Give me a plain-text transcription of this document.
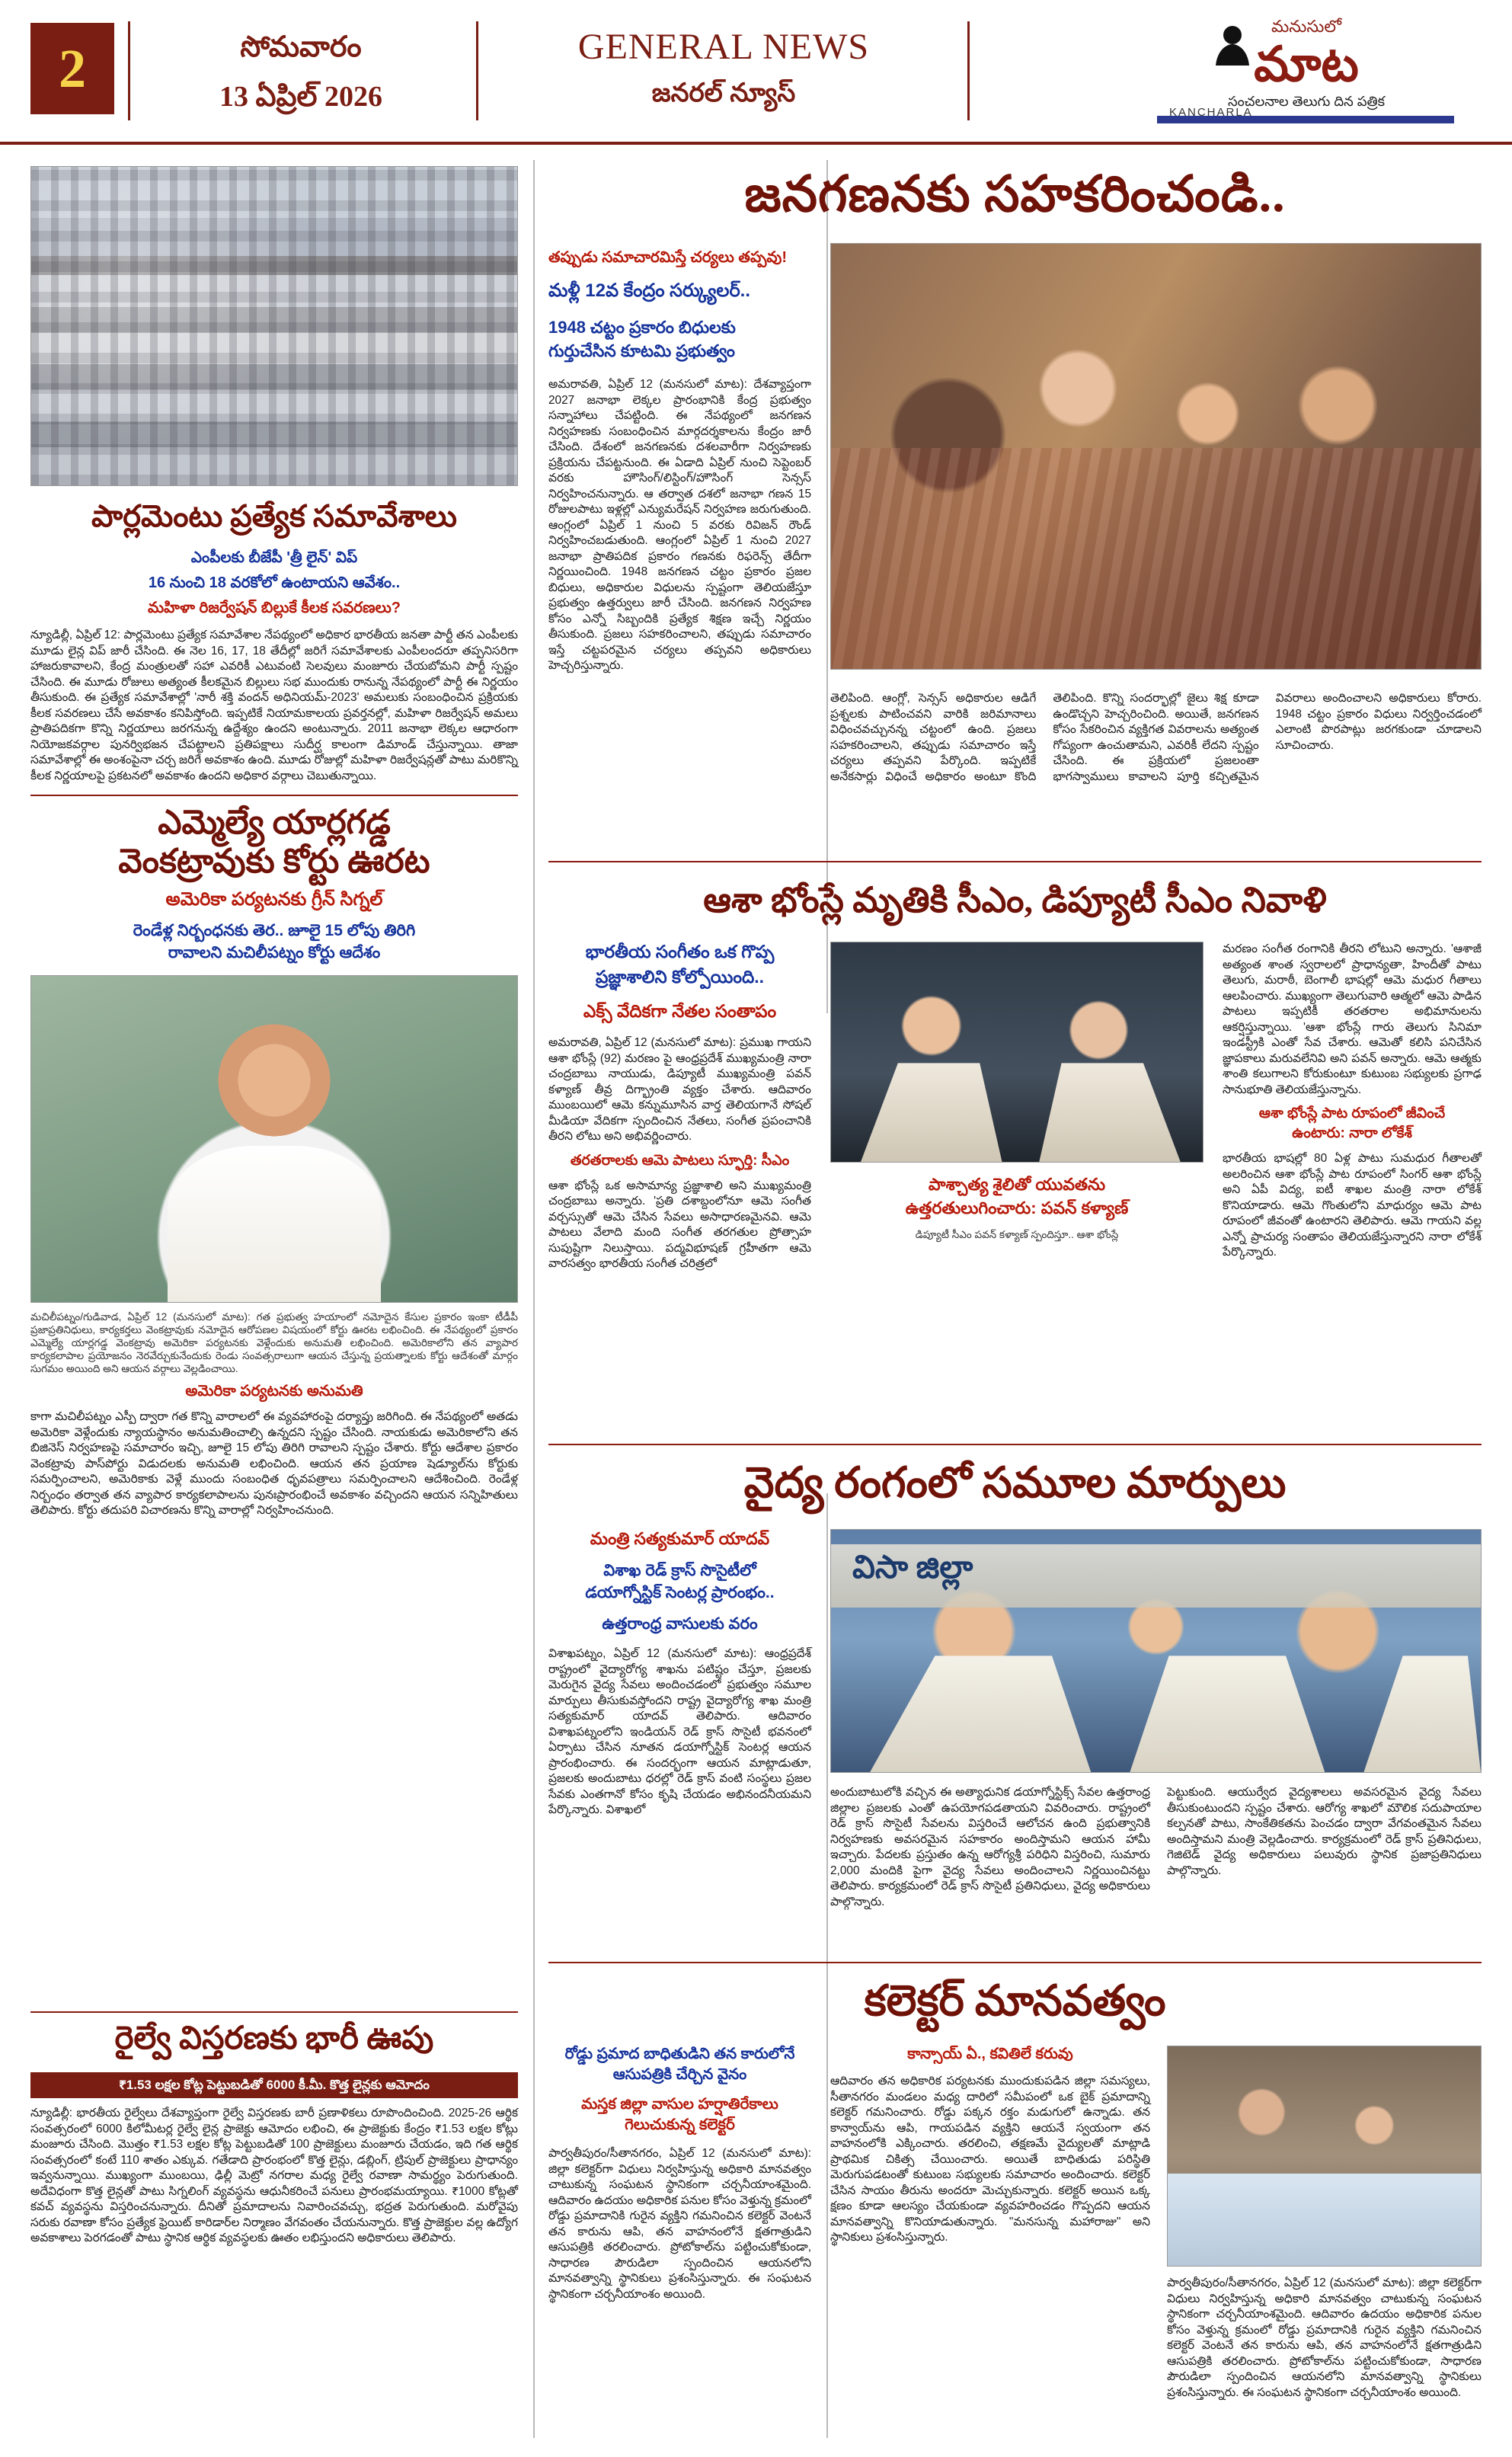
2	సోమవారం
13 ఏప్రిల్ 2026
GENERAL NEWS
జనరల్ న్యూస్
మనుసులో
మాట
సంచలనాల తెలుగు దిన పత్రిక
KANCHARLA
పార్లమెంటు ప్రత్యేక సమావేశాలు
ఎంపీలకు బీజేపీ 'త్రీ లైన్' విప్
16 నుంచి 18 వరకోలో ఉంటాయని ఆవేశం..
మహిళా రిజర్వేషన్ బిల్లుకే కీలక సవరణలు?
న్యూడిల్లీ, ఏప్రిల్ 12: పార్లమెంటు ప్రత్యేక సమావేశాల నేపథ్యంలో అధికార భారతీయ జనతా పార్టీ తన ఎంపీలకు మూడు లైన్ల విప్ జారీ చేసింది. ఈ నెల 16, 17, 18 తేదీల్లో జరిగే సమావేశాలకు ఎంపీలందరూ తప్పనిసరిగా హాజరుకావాలని, కేంద్ర మంత్రులతో సహా ఎవరికీ ఎటువంటి సెలవులు మంజూరు చేయబోమని పార్టీ స్పష్టం చేసింది. ఈ మూడు రోజులు అత్యంత కీలకమైన బిల్లులు సభ ముందుకు రానున్న నేపథ్యంలో పార్టీ ఈ నిర్ణయం తీసుకుంది. ఈ ప్రత్యేక సమావేశాల్లో 'నారీ శక్తి వందన్ అధినియమ్-2023' అమలుకు సంబంధించిన ప్రక్రియకు కీలక సవరణలు చేసే అవకాశం కనిపిస్తోంది. ఇప్పటికే నియామకాలయ ప్రవర్తనల్లో, మహిళా రిజర్వేషన్ అమలు ప్రాతిపదికగా కొన్ని నిర్ణయాలు జరగనున్న ఉద్దేశ్యం ఉందని అంటున్నారు. 2011 జనాభా లెక్కల ఆధారంగా నియోజకవర్గాల పునర్విభజన చేపట్టాలని ప్రతిపక్షాలు సుదీర్ఘ కాలంగా డిమాండ్ చేస్తున్నాయి. తాజా సమావేశాల్లో ఈ అంశంపైనా చర్చ జరిగే అవకాశం ఉంది. మూడు రోజుల్లో మహిళా రిజర్వేషన్లతో పాటు మరికొన్ని కీలక నిర్ణయాలపై ప్రకటనలో అవకాశం ఉందని అధికార వర్గాలు చెబుతున్నాయి.
ఎమ్మెల్యే యార్లగడ్డ
వెంకట్రావుకు కోర్టు ఊరట
అమెరికా పర్యటనకు గ్రీన్ సిగ్నల్
రెండేళ్ల నిర్బంధనకు తెర.. జూలై 15 లోపు తిరిగి
రావాలని మచిలీపట్నం కోర్టు ఆదేశం
మచిలీపట్నం/గుడివాడ, ఏప్రిల్ 12 (మనసులో మాట): గత ప్రభుత్వ హయాంలో నమోదైన కేసుల ప్రకారం ఇంకా టీడీపీ ప్రజాప్రతినిధులు, కార్యకర్తలు వెంకట్రావుకు నమోదైన ఆరోపణల విషయంలో కోర్టు ఊరట లభించింది. ఈ నేపథ్యంలో ప్రకారం ఎమ్మెల్యే యార్లగడ్డ వెంకట్రావు అమెరికా పర్యటనకు వెళ్లేందుకు అనుమతి లభించింది. అమెరికాలోని తన వ్యాపార కార్యకలాపాల ప్రయోజనం నెరవేర్చుకునేందుకు రెండు సంవత్సరాలుగా ఆయన చేస్తున్న ప్రయత్నాలకు కోర్టు ఆదేశంతో మార్గం సుగమం అయింది అని ఆయన వర్గాలు వెల్లడించాయి.
అమెరికా పర్యటనకు అనుమతి
కాగా మచిలీపట్నం ఎస్పీ ద్వారా గత కొన్ని వారాలలో ఈ వ్యవహారంపై దర్యాప్తు జరిగింది. ఈ నేపథ్యంలో అతడు అమెరికా వెళ్లేందుకు న్యాయస్థానం అనుమతించాల్సి ఉన్నదని స్పష్టం చేసింది. నాయకుడు అమెరికాలోని తన బిజినెస్ నిర్వహణపై సమాచారం ఇచ్చి, జూలై 15 లోపు తిరిగి రావాలని స్పష్టం చేశారు. కోర్టు ఆదేశాల ప్రకారం వెంకట్రావు పాస్‌పోర్టు విడుదలకు అనుమతి లభించింది. ఆయన తన ప్రయాణ షెడ్యూల్‌ను కోర్టుకు సమర్పించాలని, అమెరికాకు వెళ్లే ముందు సంబంధిత ధృవపత్రాలు సమర్పించాలని ఆదేశించింది. రెండేళ్ల నిర్బంధం తర్వాత తన వ్యాపార కార్యకలాపాలను పునఃప్రారంభించే అవకాశం వచ్చిందని ఆయన సన్నిహితులు తెలిపారు. కోర్టు తదుపరి విచారణను కొన్ని వారాల్లో నిర్వహించనుంది.
రైల్వే విస్తరణకు భారీ ఊపు
₹1.53 లక్షల కోట్ల పెట్టుబడితో 6000 కీ.మీ. కొత్త లైన్లకు ఆమోదం
న్యూడిల్లీ: భారతీయ రైల్వేలు దేశవ్యాప్తంగా రైల్వే విస్తరణకు బారీ ప్రణాళికలు రూపొందించింది. 2025-26 ఆర్థిక సంవత్సరంలో 6000 కిలోమీటర్ల రైల్వే లైన్ల ప్రాజెక్టు ఆమోదం లభించి, ఈ ప్రాజెక్టుకు కేంద్రం ₹1.53 లక్షల కోట్లు మంజూరు చేసింది. మొత్తం ₹1.53 లక్షల కోట్ల పెట్టుబడితో 100 ప్రాజెక్టులు మంజూరు చేయడం, ఇది గత ఆర్థిక సంవత్సరంలో కంటే 110 శాతం ఎక్కువ. గతేడాది ప్రారంభంలో కొత్త లైన్లు, డబ్లింగ్, ట్రిపుల్ ప్రాజెక్టులు ప్రాధాన్యం ఇవ్వనున్నాయి. ముఖ్యంగా ముంబయి, ఢిల్లీ మెట్రో నగరాల మధ్య రైల్వే రవాణా సామర్థ్యం పెరుగుతుంది. అదేవిధంగా కొత్త లైన్లతో పాటు సిగ్నలింగ్ వ్యవస్థను ఆధునీకరించే పనులు ప్రారంభమయ్యాయి. ₹1000 కోట్లతో కవచ్ వ్యవస్థను విస్తరించనున్నారు. దీనితో ప్రమాదాలను నివారించవచ్చు, భద్రత పెరుగుతుంది. మరోవైపు సరుకు రవాణా కోసం ప్రత్యేక ఫ్రెయిట్ కారిడార్‌ల నిర్మాణం వేగవంతం చేయనున్నారు. కొత్త ప్రాజెక్టుల వల్ల ఉద్యోగ అవకాశాలు పెరగడంతో పాటు స్థానిక ఆర్థిక వ్యవస్థలకు ఊతం లభిస్తుందని అధికారులు తెలిపారు.
జనగణనకు సహకరించండి..
తప్పుడు సమాచారమిస్తే చర్యలు తప్పవు!
మళ్లీ 12వ కేంద్రం సర్క్యులర్..
1948 చట్టం ప్రకారం బిధులకు
గుర్తుచేసిన కూటమి ప్రభుత్వం
అమరావతి, ఏప్రిల్ 12 (మనసులో మాట): దేశవ్యాప్తంగా 2027 జనాభా లెక్కల ప్రారంభానికి కేంద్ర ప్రభుత్వం సన్నాహాలు చేపట్టింది. ఈ నేపథ్యంలో జనగణన నిర్వహణకు సంబంధించిన మార్గదర్శకాలను కేంద్రం జారీ చేసింది. దేశంలో జనగణనకు దశలవారీగా నిర్వహణకు ప్రక్రియను చేపట్టనుంది. ఈ ఏడాది ఏప్రిల్ నుంచి సెప్టెంబర్ వరకు హౌసింగ్/లిస్టింగ్/హౌసింగ్ సెన్సస్ నిర్వహించనున్నారు. ఆ తర్వాత దశలో జనాభా గణన 15 రోజులపాటు ఇళ్లల్లో ఎన్యుమరేషన్ నిర్వహణ జరుగుతుంది. ఆంగ్లంలో ఏప్రిల్ 1 నుంచి 5 వరకు రివిజన్ రౌండ్ నిర్వహించబడుతుంది. ఆంగ్లంలో ఏప్రిల్ 1 నుంచి 2027 జనాభా ప్రాతిపదిక ప్రకారం గణనకు రిఫరెన్స్ తేదీగా నిర్ణయించింది. 1948 జనగణన చట్టం ప్రకారం ప్రజల బిధులు, అధికారుల విధులను స్పష్టంగా తెలియజేస్తూ ప్రభుత్వం ఉత్తర్వులు జారీ చేసింది. జనగణన నిర్వహణ కోసం ఎన్నో సిబ్బందికి ప్రత్యేక శిక్షణ ఇచ్చే నిర్ణయం తీసుకుంది. ప్రజలు సహకరించాలని, తప్పుడు సమాచారం ఇస్తే చట్టపరమైన చర్యలు తప్పవని అధికారులు హెచ్చరిస్తున్నారు.
తెలిపింది. ఆంగ్లో, సెన్సస్ అధికారుల ఆడిగే ప్రశ్నలకు పాటించవని వారికి జరిమానాలు విధించవచ్చునన్న చట్టంలో ఉంది. ప్రజలు సహకరించాలని, తప్పుడు సమాచారం ఇస్తే చర్యలు తప్పవని పేర్కొంది. ఇప్పటికే అనేకసార్లు విధించే అధికారం అంటూ కొంది తెలిపింది. కొన్ని సందర్భాల్లో జైలు శిక్ష కూడా ఉండొచ్చని హెచ్చరించింది. అయితే, జనగణన కోసం సేకరించిన వ్యక్తిగత వివరాలను అత్యంత గోప్యంగా ఉంచుతామని, ఎవరికీ లేదని స్పష్టం చేసింది. ఈ ప్రక్రియలో ప్రజలంతా భాగస్వాములు కావాలని పూర్తి కచ్చితమైన వివరాలు అందించాలని అధికారులు కోరారు. 1948 చట్టం ప్రకారం విధులు నిర్వర్తించడంలో ఎలాంటి పొరపాట్లు జరగకుండా చూడాలని సూచించారు.
ఆశా భోంస్లే మృతికి సీఎం, డిప్యూటీ సీఎం నివాళి
భారతీయ సంగీతం ఒక గొప్ప
ప్రజ్ఞాశాలిని కోల్పోయింది..
ఎక్స్ వేదికగా నేతల సంతాపం
అమరావతి, ఏప్రిల్ 12 (మనసులో మాట): ప్రముఖ గాయని ఆశా భోంస్లే (92) మరణం పై ఆంధ్రప్రదేశ్ ముఖ్యమంత్రి నారా చంద్రబాబు నాయుడు, డిప్యూటీ ముఖ్యమంత్రి పవన్ కళ్యాణ్ తీవ్ర దిగ్భ్రాంతి వ్యక్తం చేశారు. ఆదివారం ముంబయిలో ఆమె కన్నుమూసిన వార్త తెలియగానే సోషల్ మీడియా వేదికగా స్పందించిన నేతలు, సంగీత ప్రపంచానికి తీరని లోటు అని అభివర్ణించారు.
తరతరాలకు ఆమె పాటలు స్ఫూర్తి: సీఎం
ఆశా భోంస్లే ఒక అసామాన్య ప్రజ్ఞాశాలి అని ముఖ్యమంత్రి చంద్రబాబు అన్నారు. 'ప్రతి దశాబ్దంలోనూ ఆమె సంగీత వర్చస్సుతో ఆమె చేసిన సేవలు అసాధారణమైనవి. ఆమె పాటలు వేలాది మంది సంగీత తరగతుల ప్రోత్సాహ సుపుష్టిగా నిలుస్తాయి. పద్మవిభూషణ్ గ్రహీతగా ఆమె వారసత్వం భారతీయ సంగీత చరిత్రలో
పాశ్చాత్య శైలితో యువతను
ఉత్తరతులుగించారు: పవన్ కళ్యాణ్
డిప్యూటీ సీఎం పవన్ కళ్యాణ్ స్పందిస్తూ.. ఆశా భోంస్లే
మరణం సంగీత రంగానికి తీరని లోటుని అన్నారు. 'ఆశాజీ అత్యంత శాంత స్వరాలలో ప్రాధాన్యతా, హిందీతో పాటు తెలుగు, మరాఠీ, బెంగాలీ భాషల్లో ఆమె మధుర గీతాలు ఆలపించారు. ముఖ్యంగా తెలుగువారి ఆత్మలో ఆమె పాడిన పాటలు ఇప్పటికీ తరతరాల అభిమానులను ఆకర్షిస్తున్నాయి. 'ఆశా భోంస్లే గారు తెలుగు సినిమా ఇండస్ట్రీకి ఎంతో సేవ చేశారు. ఆమెతో కలిసి పనిచేసిన జ్ఞాపకాలు మరువలేనివి అని పవన్ అన్నారు. ఆమె ఆత్మకు శాంతి కలుగాలని కోరుకుంటూ కుటుంబ సభ్యులకు ప్రగాఢ సానుభూతి తెలియజేస్తున్నాను.
ఆశా భోంస్లే పాట రూపంలో జీవించే
ఉంటారు: నారా లోకేశ్
భారతీయ భాషల్లో 80 ఏళ్ల పాటు సుమధుర గీతాలతో అలరించిన ఆశా భోంస్లే పాట రూపంలో సింగర్ ఆశా భోంస్లే అని ఏపీ విద్య, ఐటీ శాఖల మంత్రి నారా లోకేశ్ కొనియాడారు. ఆమె గొంతులోని మాధుర్యం ఆమె పాట రూపంలో జీవంతో ఉంటారని తెలిపారు. ఆమె గాయని వల్ల ఎన్నో ప్రాచుర్య సంతాపం తెలియజేస్తున్నారని నారా లోకేశ్ పేర్కొన్నారు.
వైద్య రంగంలో సమూల మార్పులు
మంత్రి సత్యకుమార్ యాదవ్
విశాఖ రెడ్ క్రాస్ సొసైటీలో
డయాగ్నోస్టిక్ సెంటర్ల ప్రారంభం..
ఉత్తరాంధ్ర వాసులకు వరం
విశాఖపట్నం, ఏప్రిల్ 12 (మనసులో మాట): ఆంధ్రప్రదేశ్ రాష్ట్రంలో వైద్యారోగ్య శాఖను పటిష్టం చేస్తూ, ప్రజలకు మెరుగైన వైద్య సేవలు అందించడంలో ప్రభుత్వం సమూల మార్పులు తీసుకువస్తోందని రాష్ట్ర వైద్యారోగ్య శాఖ మంత్రి సత్యకుమార్ యాదవ్ తెలిపారు. ఆదివారం విశాఖపట్నంలోని ఇండియన్ రెడ్ క్రాస్ సొసైటీ భవనంలో ఏర్పాటు చేసిన నూతన డయాగ్నోస్టిక్ సెంటర్ల ఆయన ప్రారంభించారు. ఈ సందర్భంగా ఆయన మాట్లాడుతూ, ప్రజలకు అందుబాటు ధరల్లో రెడ్ క్రాస్ వంటి సంస్థలు ప్రజల సేవకు ఎంతగానో కోసం కృషి చేయడం అభినందనీయమని పేర్కొన్నారు. విశాఖలో
విసా జిల్లా
అందుబాటులోకి వచ్చిన ఈ అత్యాధునిక డయాగ్నోస్టిక్స్ సేవల ఉత్తరాంధ్ర జిల్లాల ప్రజలకు ఎంతో ఉపయోగపడతాయని వివరించారు. రాష్ట్రంలో రెడ్ క్రాస్ సొసైటీ సేవలను విస్తరించే ఆలోచన ఉంది ప్రభుత్వానికి నిర్వహణకు అవసరమైన సహకారం అందిస్తామని ఆయన హామీ ఇచ్చారు. పేదలకు ప్రస్తుతం ఉన్న ఆరోగ్యశ్రీ పరిధిని విస్తరించి, సుమారు 2,000 మందికి పైగా వైద్య సేవలు అందించాలని నిర్ణయించినట్టు తెలిపారు. కార్యక్రమంలో రెడ్ క్రాస్ సొసైటీ ప్రతినిధులు, వైద్య అధికారులు పాల్గొన్నారు.
పెట్టుకుంది. ఆయుర్వేద వైద్యశాలలు అవసరమైన వైద్య సేవలు తీసుకుంటుందని స్పష్టం చేశారు. ఆరోగ్య శాఖలో మౌలిక సదుపాయాల కల్పనతో పాటు, సాంకేతికతను పెంచడం ద్వారా వేగవంతమైన సేవలు అందిస్తామని మంత్రి వెల్లడించారు. కార్యక్రమంలో రెడ్ క్రాస్ ప్రతినిధులు, గెజిటెడ్ వైద్య అధికారులు పలువురు స్థానిక ప్రజాప్రతినిధులు పాల్గొన్నారు.
కలెక్టర్ మానవత్వం
రోడ్డు ప్రమాద బాధితుడిని తన కారులోనే
ఆసుపత్రికి చేర్చిన వైనం
మస్తక జిల్లా వాసుల హర్షాతిరేకాలు
గెలుచుకున్న కలెక్టర్
పార్వతీపురం/సీతానగరం, ఏప్రిల్ 12 (మనసులో మాట): జిల్లా కలెక్టర్‌గా విధులు నిర్వహిస్తున్న అధికారి మానవత్వం చాటుకున్న సంఘటన స్థానికంగా చర్చనీయాంశమైంది. ఆదివారం ఉదయం అధికారిక పనుల కోసం వెళ్తున్న క్రమంలో రోడ్డు ప్రమాదానికి గురైన వ్యక్తిని గమనించిన కలెక్టర్ వెంటనే తన కారును ఆపి, తన వాహనంలోనే క్షతగాత్రుడిని ఆసుపత్రికి తరలించారు. ప్రోటోకాల్‌ను పట్టించుకోకుండా, సాధారణ పౌరుడిలా స్పందించిన ఆయనలోని మానవత్వాన్ని స్థానికులు ప్రశంసిస్తున్నారు. ఈ సంఘటన స్థానికంగా చర్చనీయాంశం అయింది.
కాన్సాయ్ ఏ., కవితిలే కరువు
ఆదివారం తన అధికారిక పర్యటనకు ముందుకుపడిన జిల్లా సమస్యలు, సీతానగరం మండలం మధ్య దారిలో సమీపంలో ఒక బైక్ ప్రమాదాన్ని కలెక్టర్ గమనించారు. రోడ్డు పక్కన రక్తం మడుగులో ఉన్నాడు. తన కాన్వాయ్‌ను ఆపి, గాయపడిన వ్యక్తిని ఆయనే స్వయంగా తన వాహనంలోకి ఎక్కించారు. తరలించి, తక్షణమే వైద్యులతో మాట్లాడి ప్రాథమిక చికిత్స చేయించారు. అయితే బాధితుడు పరిస్థితి మెరుగుపడటంతో కుటుంబ సభ్యులకు సమాచారం అందించారు. కలెక్టర్ చేసిన సాయం తీరును అందరూ మెచ్చుకున్నారు. కలెక్టర్ అయిన ఒక్క క్షణం కూడా ఆలస్యం చేయకుండా వ్యవహరించడం గొప్పదని ఆయన మానవత్వాన్ని కొనియాడుతున్నారు. "మనసున్న మహారాజు" అని స్థానికులు ప్రశంసిస్తున్నారు.
పార్వతీపురం/సీతానగరం, ఏప్రిల్ 12 (మనసులో మాట): జిల్లా కలెక్టర్‌గా విధులు నిర్వహిస్తున్న అధికారి మానవత్వం చాటుకున్న సంఘటన స్థానికంగా చర్చనీయాంశమైంది. ఆదివారం ఉదయం అధికారిక పనుల కోసం వెళ్తున్న క్రమంలో రోడ్డు ప్రమాదానికి గురైన వ్యక్తిని గమనించిన కలెక్టర్ వెంటనే తన కారును ఆపి, తన వాహనంలోనే క్షతగాత్రుడిని ఆసుపత్రికి తరలించారు. ప్రోటోకాల్‌ను పట్టించుకోకుండా, సాధారణ పౌరుడిలా స్పందించిన ఆయనలోని మానవత్వాన్ని స్థానికులు ప్రశంసిస్తున్నారు. ఈ సంఘటన స్థానికంగా చర్చనీయాంశం అయింది.
